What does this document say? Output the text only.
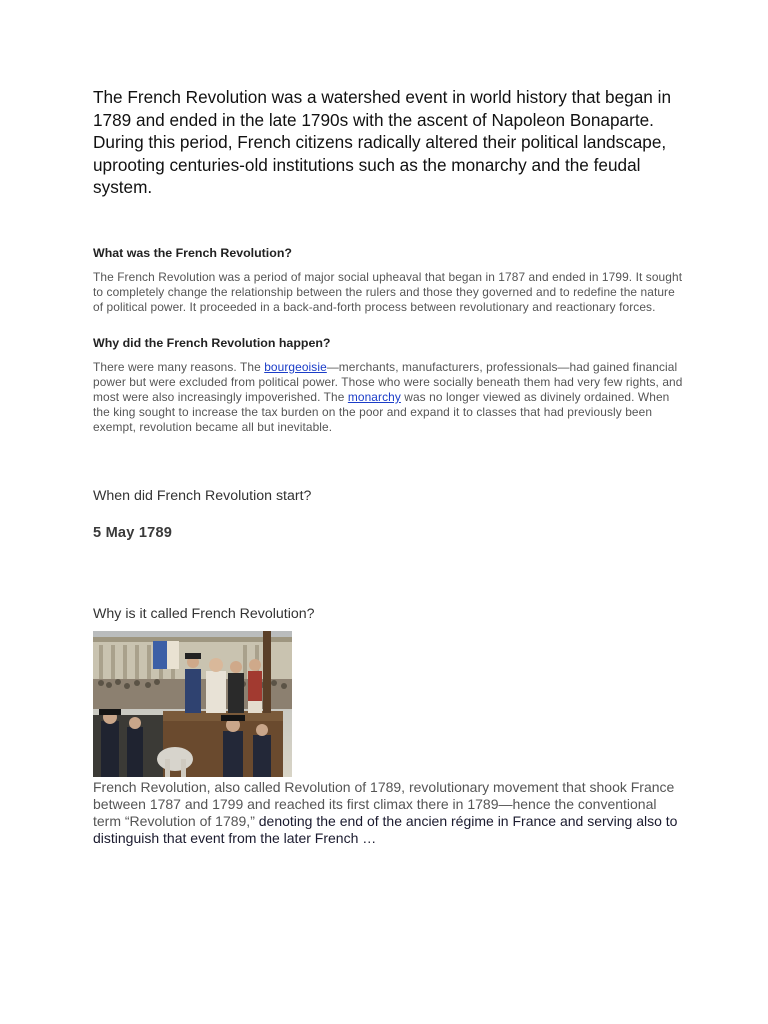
The French Revolution was a watershed event in world history that began in 1789 and ended in the late 1790s with the ascent of Napoleon Bonaparte. During this period, French citizens radically altered their political landscape, uprooting centuries-old institutions such as the monarchy and the feudal system.

What was the French Revolution?

The French Revolution was a period of major social upheaval that began in 1787 and ended in 1799. It sought to completely change the relationship between the rulers and those they governed and to redefine the nature of political power. It proceeded in a back-and-forth process between revolutionary and reactionary forces.

Why did the French Revolution happen?

There were many reasons. The bourgeoisie—merchants, manufacturers, professionals—had gained financial power but were excluded from political power. Those who were socially beneath them had very few rights, and most were also increasingly impoverished. The monarchy was no longer viewed as divinely ordained. When the king sought to increase the tax burden on the poor and expand it to classes that had previously been exempt, revolution became all but inevitable.

When did French Revolution start?

5 May 1789

Why is it called French Revolution?

French Revolution, also called Revolution of 1789, revolutionary movement that shook France between 1787 and 1799 and reached its first climax there in 1789—hence the conventional term “Revolution of 1789,” denoting the end of the ancien régime in France and serving also to distinguish that event from the later French …
